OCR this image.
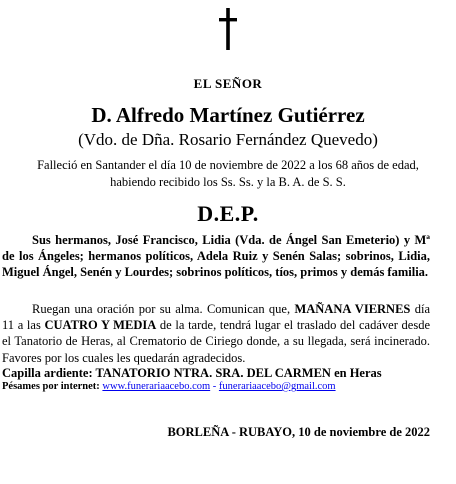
EL SEÑOR
D. Alfredo Martínez Gutiérrez
(Vdo. de Dña. Rosario Fernández Quevedo)
Falleció en Santander el día 10 de noviembre de 2022 a los 68 años de edad,
habiendo recibido los Ss. Ss. y la B. A. de S. S.
D.E.P.
Sus hermanos, José Francisco, Lidia (Vda. de Ángel San Emeterio) y Mª de los Ángeles; hermanos políticos, Adela Ruiz y Senén Salas; sobrinos, Lidia, Miguel Ángel, Senén y Lourdes; sobrinos políticos, tíos, primos y demás familia.
Ruegan una oración por su alma. Comunican que, MAÑANA VIERNES día 11 a las CUATRO Y MEDIA de la tarde, tendrá lugar el traslado del cadáver desde el Tanatorio de Heras, al Crematorio de Ciriego donde, a su llegada, será incinerado. Favores por los cuales les quedarán agradecidos.
Capilla ardiente: TANATORIO NTRA. SRA. DEL CARMEN en Heras
Pésames por internet: www.funerariaacebo.com - funerariaacebo@gmail.com
BORLEÑA - RUBAYO, 10 de noviembre de 2022
